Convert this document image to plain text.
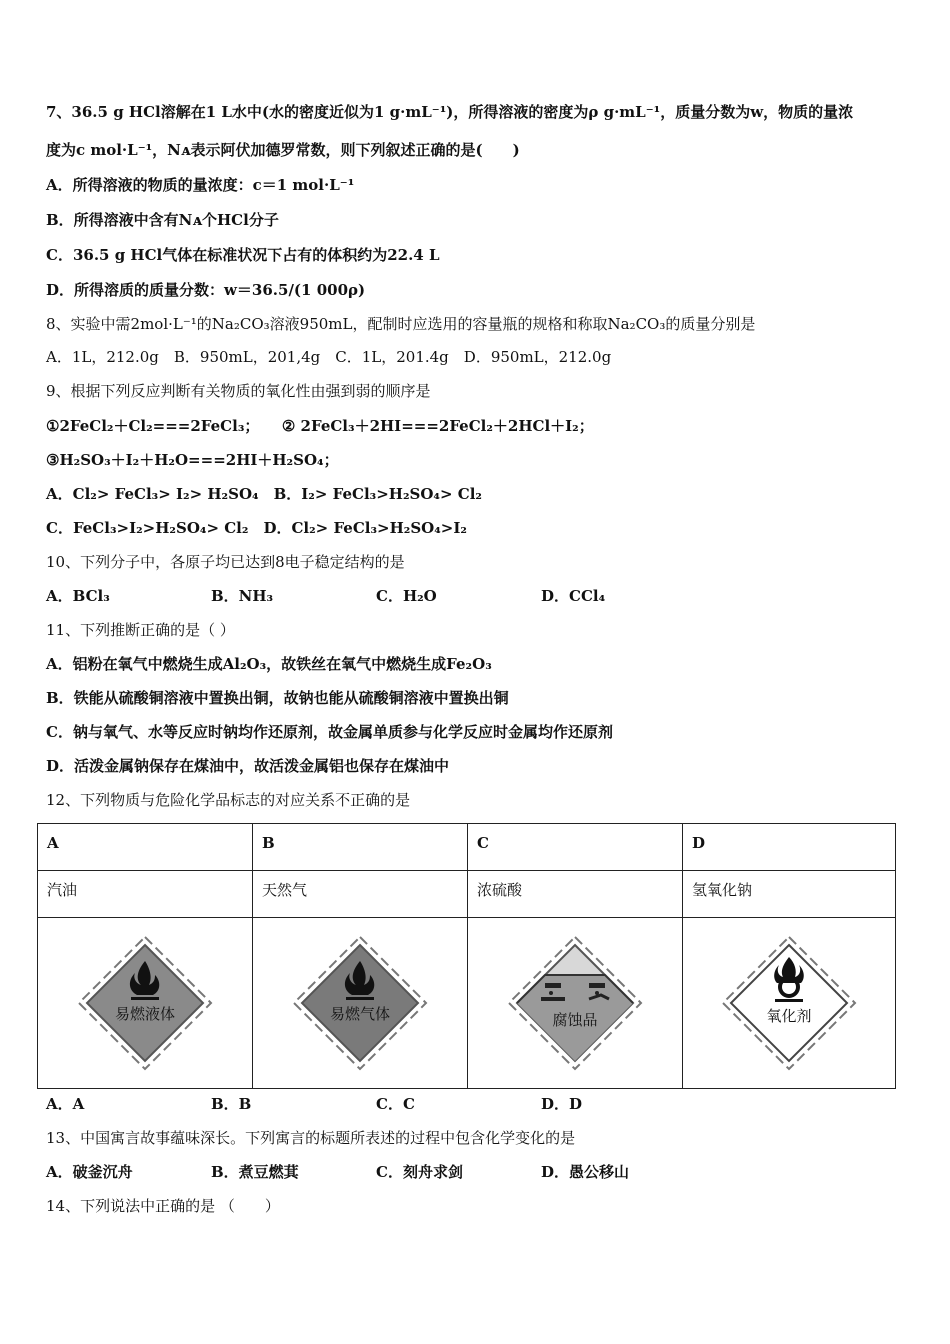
7、36.5 g HCl溶解在1 L水中(水的密度近似为1 g·mL⁻¹)，所得溶液的密度为ρ g·mL⁻¹，质量分数为w，物质的量浓
度为c mol·L⁻¹，Nᴀ表示阿伏加德罗常数，则下列叙述正确的是(　　)
A．所得溶液的物质的量浓度：c＝1 mol·L⁻¹
B．所得溶液中含有Nᴀ个HCl分子
C．36.5 g HCl气体在标准状况下占有的体积约为22.4 L
D．所得溶质的质量分数：w＝36.5/(1 000ρ)
8、实验中需2mol·L⁻¹的Na₂CO₃溶液950mL，配制时应选用的容量瓶的规格和称取Na₂CO₃的质量分别是
A．1L，212.0g　B．950mL，201,4g　C．1L，201.4g　D．950mL，212.0g
9、根据下列反应判断有关物质的氧化性由强到弱的顺序是
①2FeCl₂＋Cl₂===2FeCl₃；　　② 2FeCl₃＋2HI===2FeCl₂＋2HCl＋I₂；
③H₂SO₃＋I₂＋H₂O===2HI＋H₂SO₄；
A．Cl₂> FeCl₃> I₂> H₂SO₄　B．I₂> FeCl₃>H₂SO₄> Cl₂
C．FeCl₃>I₂>H₂SO₄> Cl₂　D．Cl₂> FeCl₃>H₂SO₄>I₂
10、下列分子中，各原子均已达到8电子稳定结构的是
A．BCl₃	B．NH₃	C．H₂O	D．CCl₄
11、下列推断正确的是（ ）
A．铝粉在氧气中燃烧生成Al₂O₃，故铁丝在氧气中燃烧生成Fe₂O₃
B．铁能从硫酸铜溶液中置换出铜，故钠也能从硫酸铜溶液中置换出铜
C．钠与氧气、水等反应时钠均作还原剂，故金属单质参与化学反应时金属均作还原剂
D．活泼金属钠保存在煤油中，故活泼金属铝也保存在煤油中
12、下列物质与危险化学品标志的对应关系不正确的是
A	B	C	D
汽油	天然气	浓硫酸	氢氧化钠

易燃液体	易燃气体	腐蚀品	氧化剂
A．A	B．B	C．C	D．D
13、中国寓言故事蕴味深长。下列寓言的标题所表述的过程中包含化学变化的是
A．破釜沉舟	B．煮豆燃萁	C．刻舟求剑	D．愚公移山
14、下列说法中正确的是 （　　）
